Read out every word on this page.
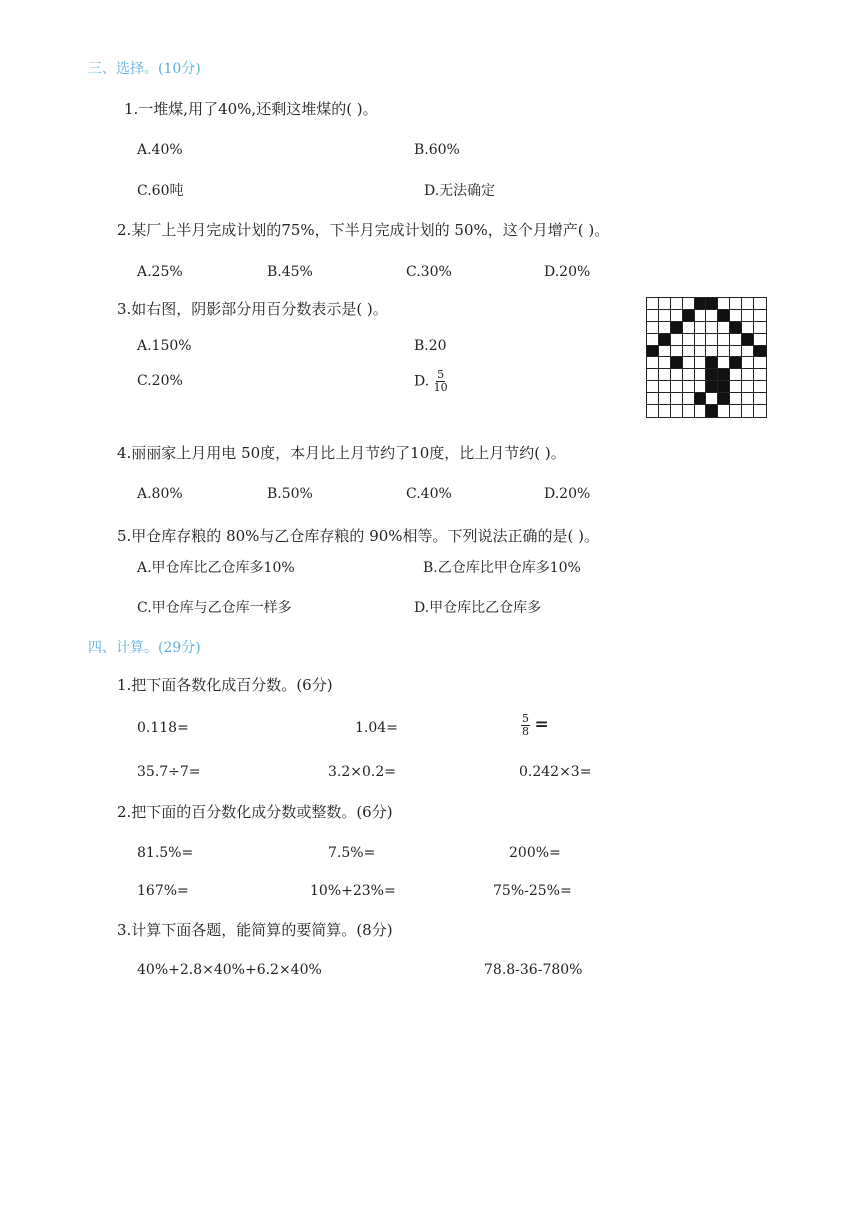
三、选择。(10分)
1.一堆煤,用了40%,还剩这堆煤的( )。
A.40%	B.60%
C.60吨	D.无法确定
2.某厂上半月完成计划的75%，下半月完成计划的 50%，这个月增产( )。
A.25%	B.45%	C.30%	D.20%
3.如右图，阴影部分用百分数表示是( )。
A.150%	B.20
C.20%	D. $\frac{5}{10}$
4.丽丽家上月用电 50度，本月比上月节约了10度，比上月节约( )。
A.80%	B.50%	C.40%	D.20%
5.甲仓库存粮的 80%与乙仓库存粮的 90%相等。下列说法正确的是( )。
A.甲仓库比乙仓库多10%	B.乙仓库比甲仓库多10%
C.甲仓库与乙仓库一样多	D.甲仓库比乙仓库多
四、计算。(29分)
1.把下面各数化成百分数。(6分)
0.118=	1.04=	$\frac{5}{8}$ =
35.7÷7=	3.2×0.2=	0.242×3=
2.把下面的百分数化成分数或整数。(6分)
81.5%=	7.5%=	200%=
167%=	10%+23%=	75%-25%=
3.计算下面各题，能简算的要简算。(8分)
40%+2.8×40%+6.2×40%	78.8-36-780%
